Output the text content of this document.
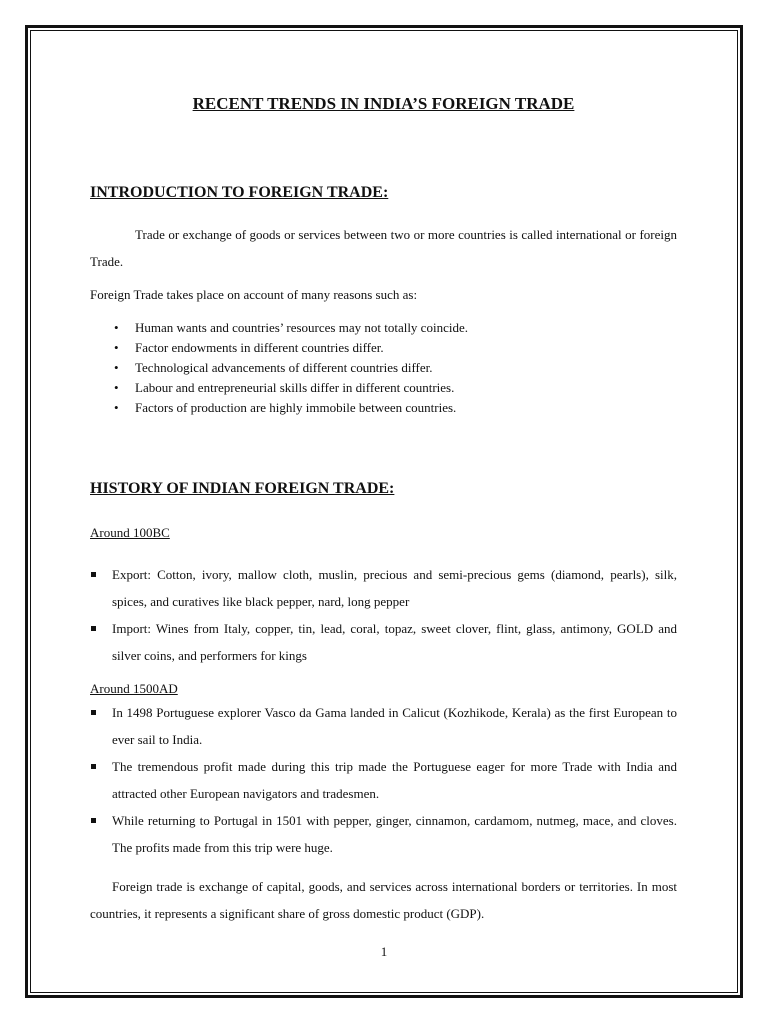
RECENT TRENDS IN INDIA’S FOREIGN TRADE
INTRODUCTION TO FOREIGN TRADE:

Trade or exchange of goods or services between two or more countries is called international or foreign Trade.

Foreign Trade takes place on account of many reasons such as:

• Human wants and countries’ resources may not totally coincide.
• Factor endowments in different countries differ.
• Technological advancements of different countries differ.
• Labour and entrepreneurial skills differ in different countries.
• Factors of production are highly immobile between countries.
HISTORY OF INDIAN FOREIGN TRADE:

Around 100BC

Export: Cotton, ivory, mallow cloth, muslin, precious and semi-precious gems (diamond, pearls), silk, spices, and curatives like black pepper, nard, long pepper
Import: Wines from Italy, copper, tin, lead, coral, topaz, sweet clover, flint, glass, antimony, GOLD and silver coins, and performers for kings

Around 1500AD

In 1498 Portuguese explorer Vasco da Gama landed in Calicut (Kozhikode, Kerala) as the first European to ever sail to India.
The tremendous profit made during this trip made the Portuguese eager for more Trade with India and attracted other European navigators and tradesmen.
While returning to Portugal in 1501 with pepper, ginger, cinnamon, cardamom, nutmeg, mace, and cloves. The profits made from this trip were huge.

Foreign trade is exchange of capital, goods, and services across international borders or territories. In most countries, it represents a significant share of gross domestic product (GDP).

1
